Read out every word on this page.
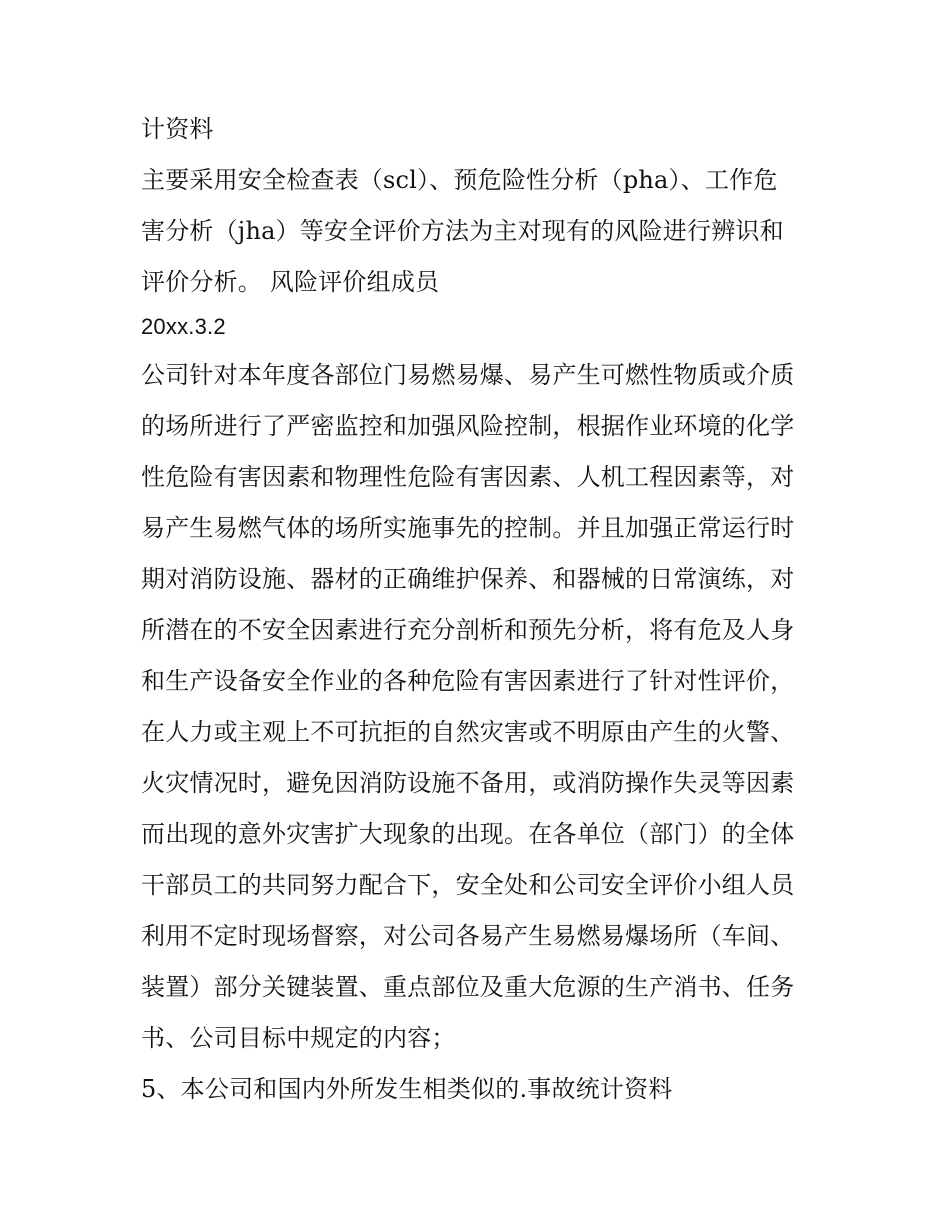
计资料
主要采用安全检查表（scl）、预危险性分析（pha）、工作危
害分析（jha）等安全评价方法为主对现有的风险进行辨识和
评价分析。 风险评价组成员
20xx.3.2
公司针对本年度各部位门易燃易爆、易产生可燃性物质或介质
的场所进行了严密监控和加强风险控制，根据作业环境的化学
性危险有害因素和物理性危险有害因素、人机工程因素等，对
易产生易燃气体的场所实施事先的控制。并且加强正常运行时
期对消防设施、器材的正确维护保养、和器械的日常演练，对
所潜在的不安全因素进行充分剖析和预先分析，将有危及人身
和生产设备安全作业的各种危险有害因素进行了针对性评价，
在人力或主观上不可抗拒的自然灾害或不明原由产生的火警、
火灾情况时，避免因消防设施不备用，或消防操作失灵等因素
而出现的意外灾害扩大现象的出现。在各单位（部门）的全体
干部员工的共同努力配合下，安全处和公司安全评价小组人员
利用不定时现场督察，对公司各易产生易燃易爆场所（车间、
装置）部分关键装置、重点部位及重大危源的生产消书、任务
书、公司目标中规定的内容；
5、本公司和国内外所发生相类似的.事故统计资料
